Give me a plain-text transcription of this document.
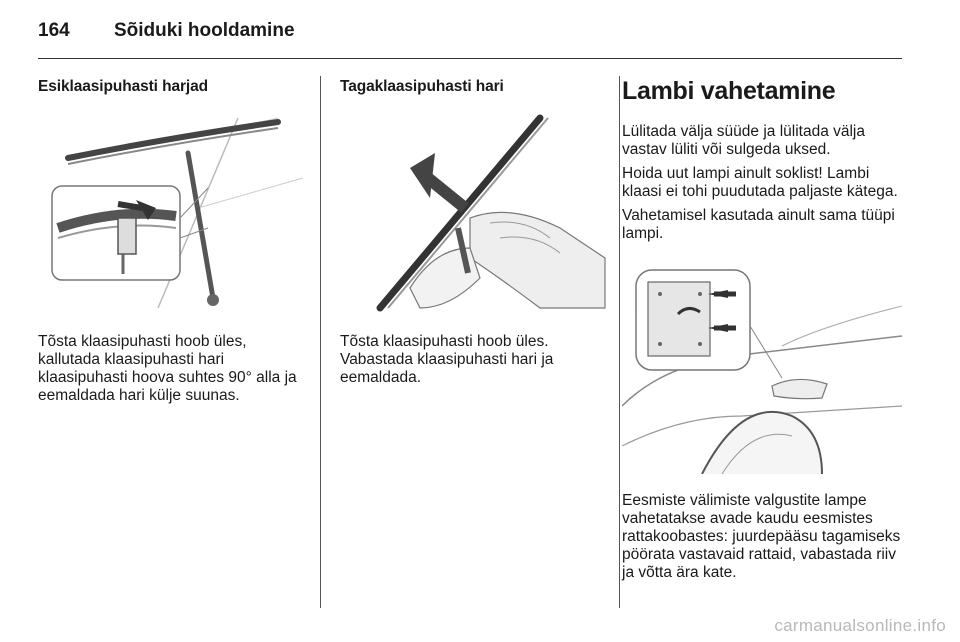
164	Sõiduki hooldamine
Esiklaasipuhasti harjad

Tõsta klaasipuhasti hoob üles, kallutada klaasipuhasti hari klaasipuhasti hoova suhtes 90° alla ja eemaldada hari külje suunas.

Tagaklaasipuhasti hari

Tõsta klaasipuhasti hoob üles.

Vabastada klaasipuhasti hari ja eemaldada.

Lambi vahetamine

Lülitada välja süüde ja lülitada välja vastav lüliti või sulgeda uksed.

Hoida uut lampi ainult soklist! Lambi klaasi ei tohi puudutada paljaste kätega.

Vahetamisel kasutada ainult sama tüüpi lampi.

Eesmiste välimiste valgustite lampe vahetatakse avade kaudu eesmistes rattakoobastes: juurdepääsu tagamiseks pöörata vastavaid rattaid, vabastada riiv ja võtta ära kate.

carmanualsonline.info
